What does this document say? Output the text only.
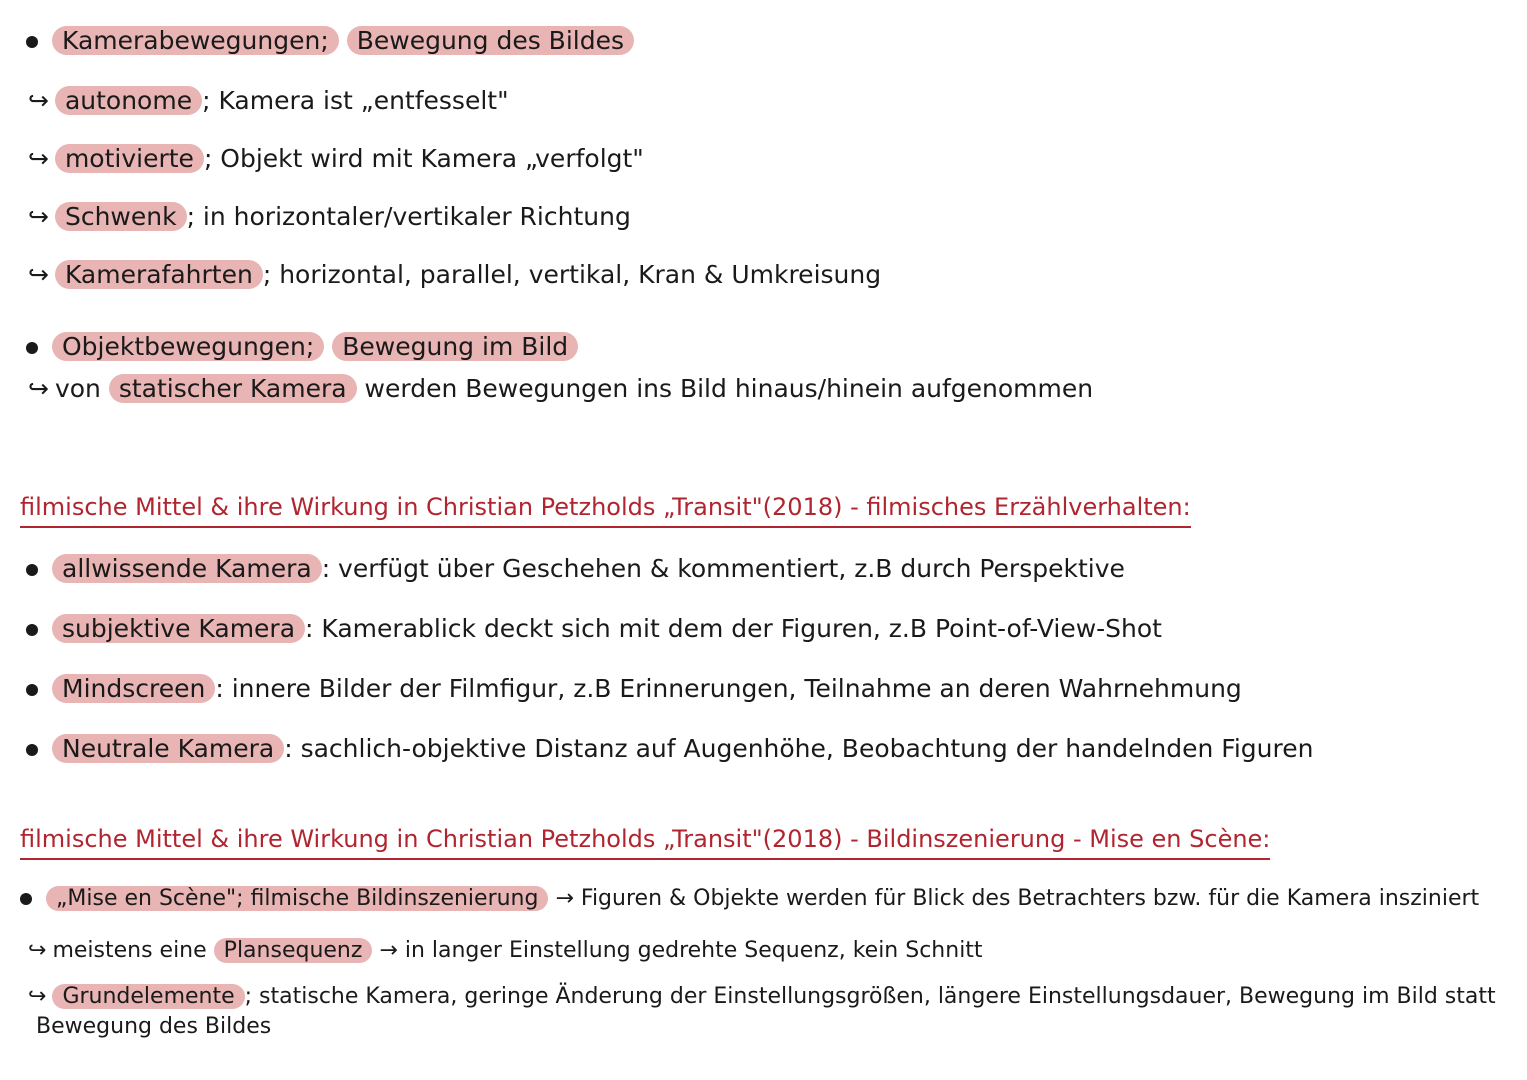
Kamerabewegungen; Bewegung des Bildes
↪ autonome ; Kamera ist „entfesselt"
↪ motivierte ; Objekt wird mit Kamera „verfolgt"
↪ Schwenk ; in horizontaler/vertikaler Richtung
↪ Kamerafahrten ; horizontal, parallel, vertikal, Kran & Umkreisung
Objektbewegungen; Bewegung im Bild
↪ von statischer Kamera werden Bewegungen ins Bild hinaus/hinein aufgenommen
filmische Mittel & ihre Wirkung in Christian Petzholds „Transit"(2018) - filmisches Erzählverhalten:
allwissende Kamera : verfügt über Geschehen & kommentiert, z.B durch Perspektive
subjektive Kamera : Kamerablick deckt sich mit dem der Figuren, z.B Point-of-View-Shot
Mindscreen : innere Bilder der Filmfigur, z.B Erinnerungen, Teilnahme an deren Wahrnehmung
Neutrale Kamera : sachlich-objektive Distanz auf Augenhöhe, Beobachtung der handelnden Figuren
filmische Mittel & ihre Wirkung in Christian Petzholds „Transit"(2018) - Bildinszenierung - Mise en Scène:
„Mise en Scène"; filmische Bildinszenierung → Figuren & Objekte werden für Blick des Betrachters bzw. für die Kamera insziniert
↪ meistens eine Plansequenz → in langer Einstellung gedrehte Sequenz, kein Schnitt
↪ Grundelemente ; statische Kamera, geringe Änderung der Einstellungsgrößen, längere Einstellungsdauer, Bewegung im Bild statt
Bewegung des Bildes
